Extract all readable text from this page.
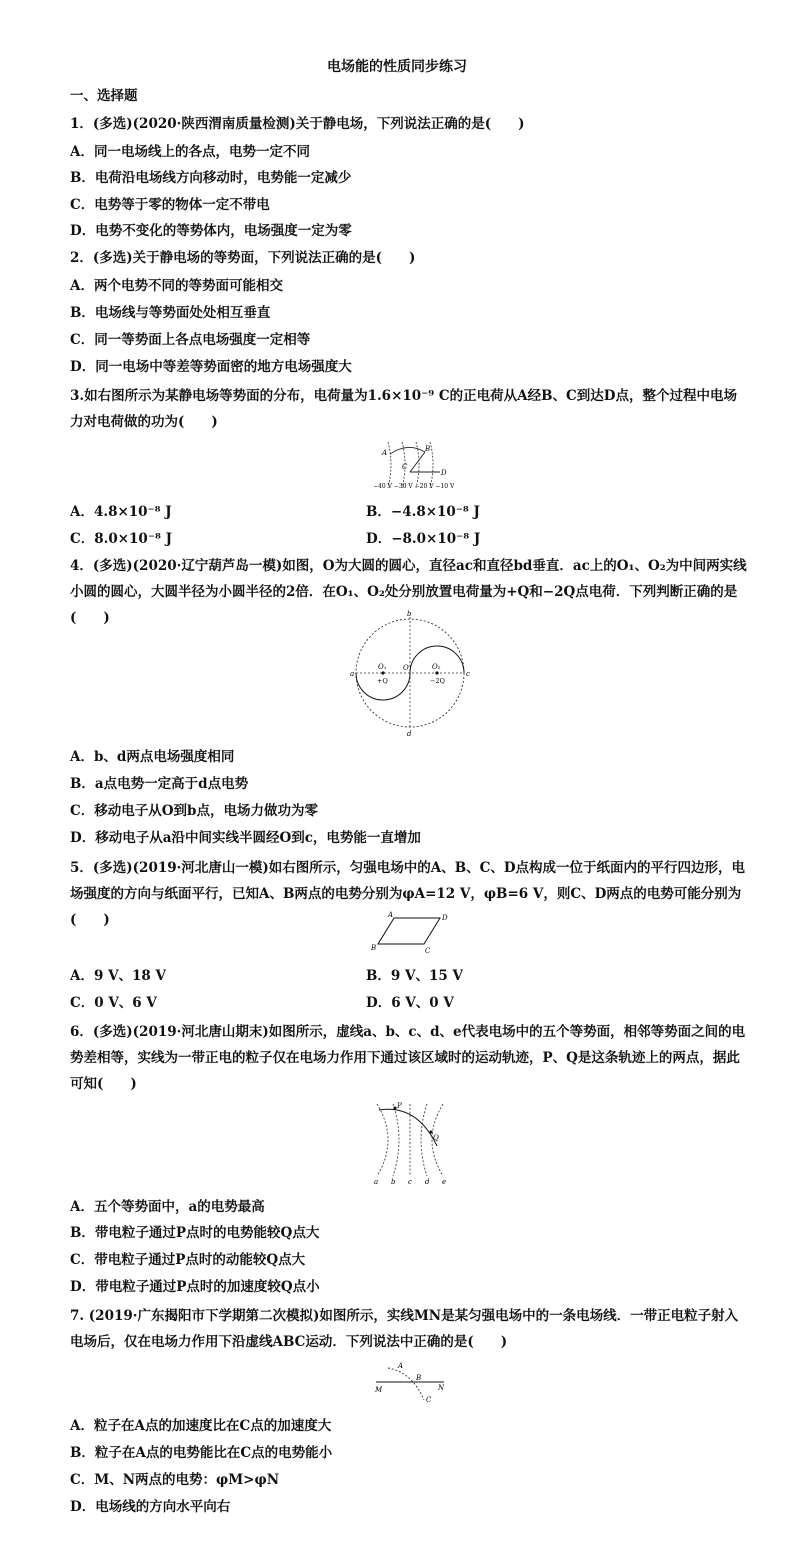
电场能的性质同步练习
一、选择题
1．(多选)(2020·陕西渭南质量检测)关于静电场，下列说法正确的是(　　)
A．同一电场线上的各点，电势一定不同
B．电荷沿电场线方向移动时，电势能一定减少
C．电势等于零的物体一定不带电
D．电势不变化的等势体内，电场强度一定为零
2．(多选)关于静电场的等势面，下列说法正确的是(　　)
A．两个电势不同的等势面可能相交
B．电场线与等势面处处相互垂直
C．同一等势面上各点电场强度一定相等
D．同一电场中等差等势面密的地方电场强度大
3.如右图所示为某静电场等势面的分布，电荷量为1.6×10⁻⁹ C的正电荷从A经B、C到达D点，整个过程中电场力对电荷做的功为(　　)
A	B
C
D
−40 V −30 V −20 V −10 V
A．4.8×10⁻⁸ J	B．−4.8×10⁻⁸ J
C．8.0×10⁻⁸ J	D．−8.0×10⁻⁸ J
4．(多选)(2020·辽宁葫芦岛一模)如图，O为大圆的圆心，直径ac和直径bd垂直．ac上的O₁、O₂为中间两实线小圆的圆心，大圆半径为小圆半径的2倍．在O₁、O₂处分别放置电荷量为+Q和−2Q点电荷．下列判断正确的是(　　)
a
b
c
d
O
O₁	O₂
+Q	−2Q
A．b、d两点电场强度相同
B．a点电势一定高于d点电势
C．移动电子从O到b点，电场力做功为零
D．移动电子从a沿中间实线半圆经O到c，电势能一直增加
5．(多选)(2019·河北唐山一模)如右图所示，匀强电场中的A、B、C、D点构成一位于纸面内的平行四边形，电场强度的方向与纸面平行，已知A、B两点的电势分别为φA=12 V，φB=6 V，则C、D两点的电势可能分别为(　　)	A
B	C
D
A．9 V、18 V	B．9 V、15 V
C．0 V、6 V	D．6 V、0 V
6．(多选)(2019·河北唐山期末)如图所示，虚线a、b、c、d、e代表电场中的五个等势面，相邻等势面之间的电势差相等，实线为一带正电的粒子仅在电场力作用下通过该区域时的运动轨迹，P、Q是这条轨迹上的两点，据此可知(　　)
P
Q
a b c d e
A．五个等势面中，a的电势最高
B．带电粒子通过P点时的电势能较Q点大
C．带电粒子通过P点时的动能较Q点大
D．带电粒子通过P点时的加速度较Q点小
7. (2019·广东揭阳市下学期第二次模拟)如图所示，实线MN是某匀强电场中的一条电场线．一带正电粒子射入电场后，仅在电场力作用下沿虚线ABC运动．下列说法中正确的是(　　)
A
B
C
M	N
A．粒子在A点的加速度比在C点的加速度大
B．粒子在A点的电势能比在C点的电势能小
C．M、N两点的电势：φM>φN
D．电场线的方向水平向右
